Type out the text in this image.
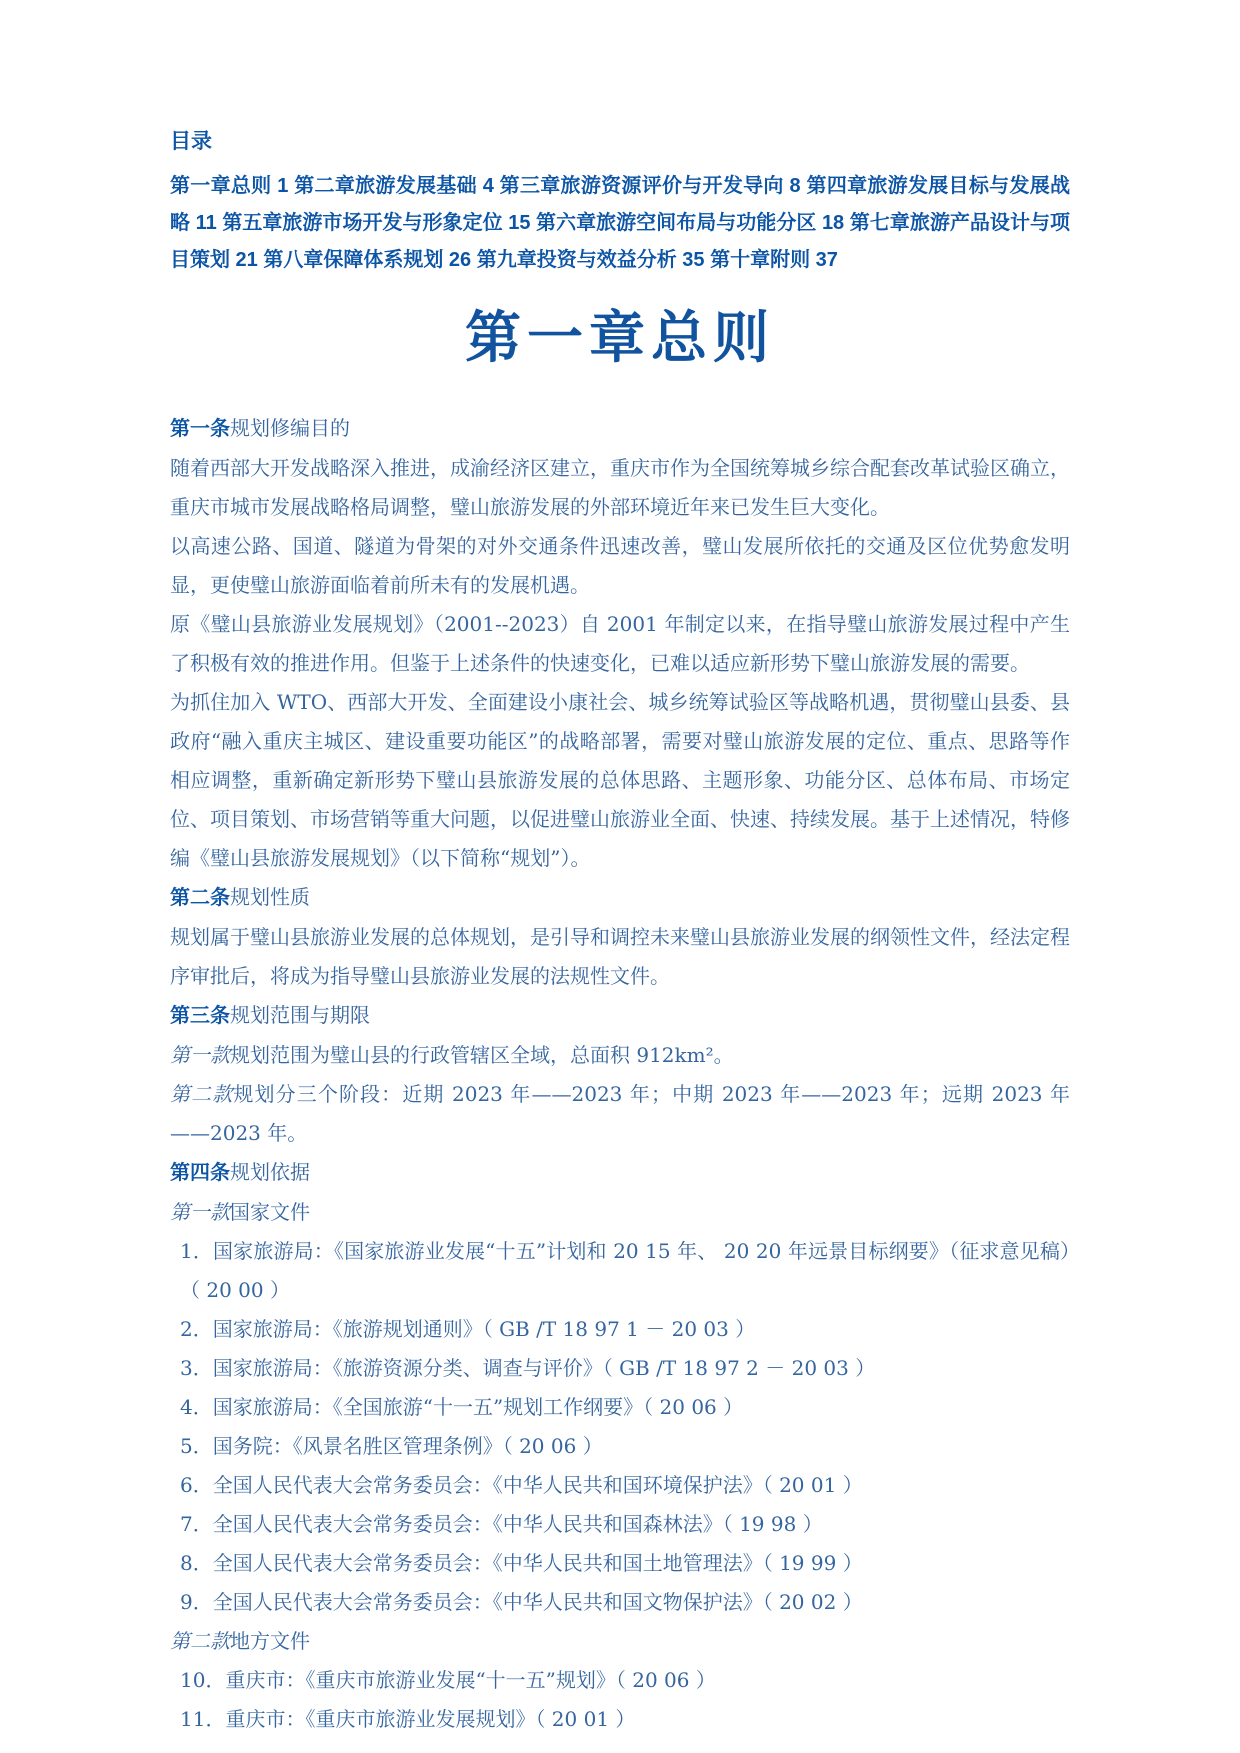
目录

第一章总则 1 第二章旅游发展基础 4 第三章旅游资源评价与开发导向 8 第四章旅游发展目标与发展战略 11 第五章旅游市场开发与形象定位 15 第六章旅游空间布局与功能分区 18 第七章旅游产品设计与项目策划 21 第八章保障体系规划 26 第九章投资与效益分析 35 第十章附则 37

第一章总则

第一条规划修编目的

随着西部大开发战略深入推进，成渝经济区建立，重庆市作为全国统筹城乡综合配套改革试验区确立，重庆市城市发展战略格局调整，璧山旅游发展的外部环境近年来已发生巨大变化。

以高速公路、国道、隧道为骨架的对外交通条件迅速改善，璧山发展所依托的交通及区位优势愈发明显，更使璧山旅游面临着前所未有的发展机遇。

原《璧山县旅游业发展规划》（2001--2023）自 2001 年制定以来，在指导璧山旅游发展过程中产生了积极有效的推进作用。但鉴于上述条件的快速变化，已难以适应新形势下璧山旅游发展的需要。

为抓住加入 WTO、西部大开发、全面建设小康社会、城乡统筹试验区等战略机遇，贯彻璧山县委、县政府“融入重庆主城区、建设重要功能区”的战略部署，需要对璧山旅游发展的定位、重点、思路等作相应调整，重新确定新形势下璧山县旅游发展的总体思路、主题形象、功能分区、总体布局、市场定位、项目策划、市场营销等重大问题，以促进璧山旅游业全面、快速、持续发展。基于上述情况，特修编《璧山县旅游发展规划》（以下简称“规划”）。

第二条规划性质

规划属于璧山县旅游业发展的总体规划，是引导和调控未来璧山县旅游业发展的纲领性文件，经法定程序审批后，将成为指导璧山县旅游业发展的法规性文件。

第三条规划范围与期限

第一款规划范围为璧山县的行政管辖区全域，总面积 912km²。

第二款规划分三个阶段：近期 2023 年——2023 年；中期 2023 年——2023 年；远期 2023 年——2023 年。

第四条规划依据

第一款国家文件

1．国家旅游局：《国家旅游业发展“十五”计划和 20 15 年、 20 20 年远景目标纲要》（征求意见稿）（ 20 00 ）

2．国家旅游局：《旅游规划通则》（ GB /T 18 97 1 － 20 03 ）

3．国家旅游局：《旅游资源分类、调查与评价》（ GB /T 18 97 2 － 20 03 ）

4．国家旅游局：《全国旅游“十一五”规划工作纲要》（ 20 06 ）

5．国务院：《风景名胜区管理条例》（ 20 06 ）

6．全国人民代表大会常务委员会：《中华人民共和国环境保护法》（ 20 01 ）

7．全国人民代表大会常务委员会：《中华人民共和国森林法》（ 19 98 ）

8．全国人民代表大会常务委员会：《中华人民共和国土地管理法》（ 19 99 ）

9．全国人民代表大会常务委员会：《中华人民共和国文物保护法》（ 20 02 ）

第二款地方文件

10．重庆市：《重庆市旅游业发展“十一五”规划》（ 20 06 ）

11．重庆市：《重庆市旅游业发展规划》（ 20 01 ）
